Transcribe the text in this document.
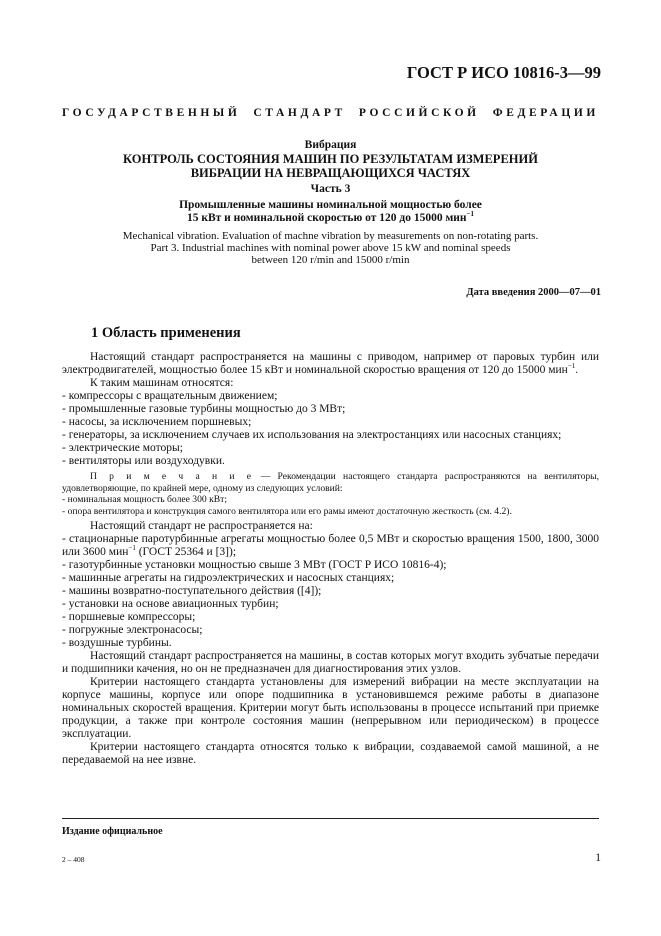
ГОСТ Р ИСО 10816-3—99
ГОСУДАРСТВЕННЫЙ СТАНДАРТ РОССИЙСКОЙ ФЕДЕРАЦИИ
Вибрация
КОНТРОЛЬ СОСТОЯНИЯ МАШИН ПО РЕЗУЛЬТАТАМ ИЗМЕРЕНИЙ
ВИБРАЦИИ НА НЕВРАЩАЮЩИХСЯ ЧАСТЯХ
Часть 3
Промышленные машины номинальной мощностью более
15 кВт и номинальной скоростью от 120 до 15000 мин$^{-1}$
Mechanical vibration. Evaluation of machne vibration by measurements on non-rotating parts.
Part 3. Industrial machines with nominal power above 15 kW and nominal speeds
between 120 r/min and 15000 r/min
Дата введения 2000—07—01
1 Область применения

Настоящий стандарт распространяется на машины с приводом, например от паровых турбин или электродвигателей, мощностью более 15 кВт и номинальной скоростью вращения от 120 до 15000 мин$^{-1}$.

К таким машинам относятся:

- компрессоры с вращательным движением;

- промышленные газовые турбины мощностью до 3 МВт;

- насосы, за исключением поршневых;

- генераторы, за исключением случаев их использования на электростанциях или насосных станциях;

- электрические моторы;

- вентиляторы или воздуходувки.

П р и м е ч а н и е — Рекомендации настоящего стандарта распространяются на вентиляторы, удовлетворяющие, по крайней мере, одному из следующих условий:

- номинальная мощность более 300 кВт;

- опора вентилятора и конструкция самого вентилятора или его рамы имеют достаточную жесткость (см. 4.2).

Настоящий стандарт не распространяется на:

- стационарные паротурбинные агрегаты мощностью более 0,5 МВт и скоростью вращения 1500, 1800, 3000 или 3600 мин$^{-1}$ (ГОСТ 25364 и [3]);

- газотурбинные установки мощностью свыше 3 МВт (ГОСТ Р ИСО 10816-4);

- машинные агрегаты на гидроэлектрических и насосных станциях;

- машины возвратно-поступательного действия ([4]);

- установки на основе авиационных турбин;

- поршневые компрессоры;

- погружные электронасосы;

- воздушные турбины.

Настоящий стандарт распространяется на машины, в состав которых могут входить зубчатые передачи и подшипники качения, но он не предназначен для диагностирования этих узлов.

Критерии настоящего стандарта установлены для измерений вибрации на месте эксплуатации на корпусе машины, корпусе или опоре подшипника в установившемся режиме работы в диапазоне номинальных скоростей вращения. Критерии могут быть использованы в процессе испытаний при приемке продукции, а также при контроле состояния машин (непрерывном или периодическом) в процессе эксплуатации.

Критерии настоящего стандарта относятся только к вибрации, создаваемой самой машиной, а не передаваемой на нее извне.

Издание официальное
2 – 408	1
